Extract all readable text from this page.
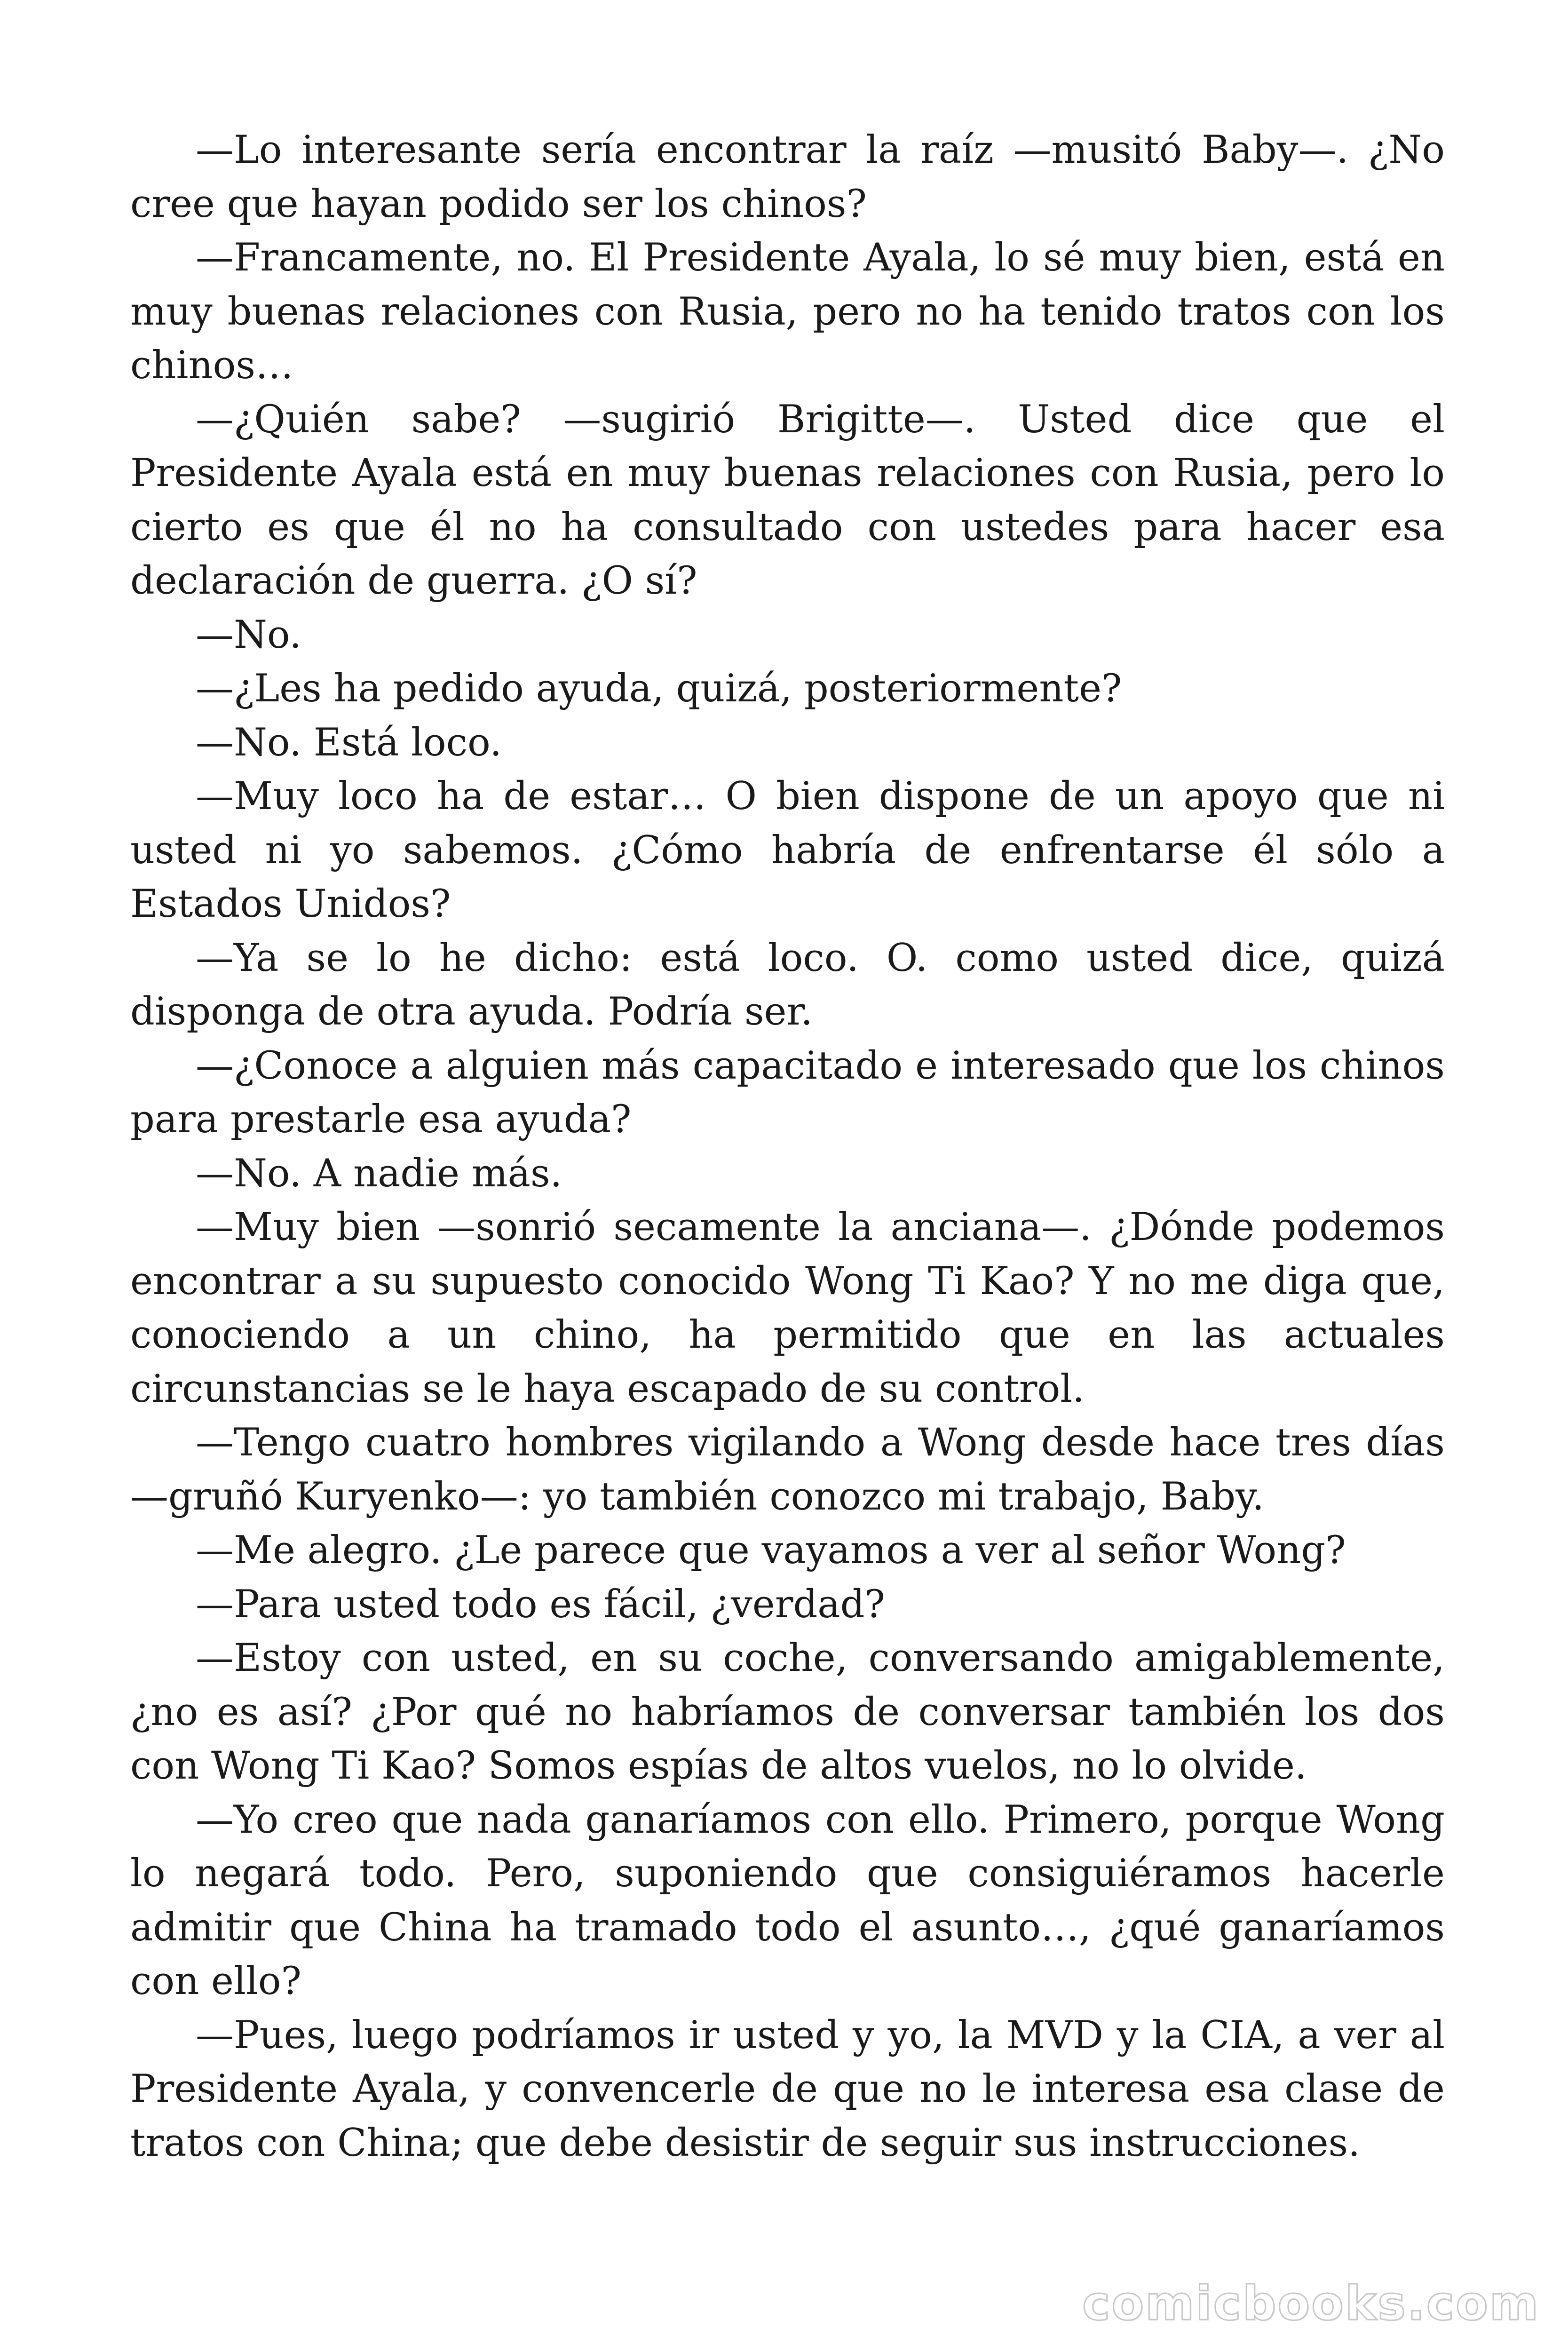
—Lo interesante sería encontrar la raíz —musitó Baby—. ¿No cree que hayan podido ser los chinos?

—Francamente, no. El Presidente Ayala, lo sé muy bien, está en muy buenas relaciones con Rusia, pero no ha tenido tratos con los chinos…

—¿Quién sabe? —sugirió Brigitte—. Usted dice que el Presidente Ayala está en muy buenas relaciones con Rusia, pero lo cierto es que él no ha consultado con ustedes para hacer esa declaración de guerra. ¿O sí?

—No.

—¿Les ha pedido ayuda, quizá, posteriormente?

—No. Está loco.

—Muy loco ha de estar… O bien dispone de un apoyo que ni usted ni yo sabemos. ¿Cómo habría de enfrentarse él sólo a Estados Unidos?

—Ya se lo he dicho: está loco. O. como usted dice, quizá disponga de otra ayuda. Podría ser.

—¿Conoce a alguien más capacitado e interesado que los chinos para prestarle esa ayuda?

—No. A nadie más.

—Muy bien —sonrió secamente la anciana—. ¿Dónde podemos encontrar a su supuesto conocido Wong Ti Kao? Y no me diga que, conociendo a un chino, ha permitido que en las actuales circunstancias se le haya escapado de su control.

—Tengo cuatro hombres vigilando a Wong desde hace tres días —gruñó Kuryenko—: yo también conozco mi trabajo, Baby.

—Me alegro. ¿Le parece que vayamos a ver al señor Wong?

—Para usted todo es fácil, ¿verdad?

—Estoy con usted, en su coche, conversando amigablemente, ¿no es así? ¿Por qué no habríamos de conversar también los dos con Wong Ti Kao? Somos espías de altos vuelos, no lo olvide.

—Yo creo que nada ganaríamos con ello. Primero, porque Wong lo negará todo. Pero, suponiendo que consiguiéramos hacerle admitir que China ha tramado todo el asunto…, ¿qué ganaríamos con ello?

—Pues, luego podríamos ir usted y yo, la MVD y la CIA, a ver al Presidente Ayala, y convencerle de que no le interesa esa clase de tratos con China; que debe desistir de seguir sus instrucciones.

comicbooks.com
